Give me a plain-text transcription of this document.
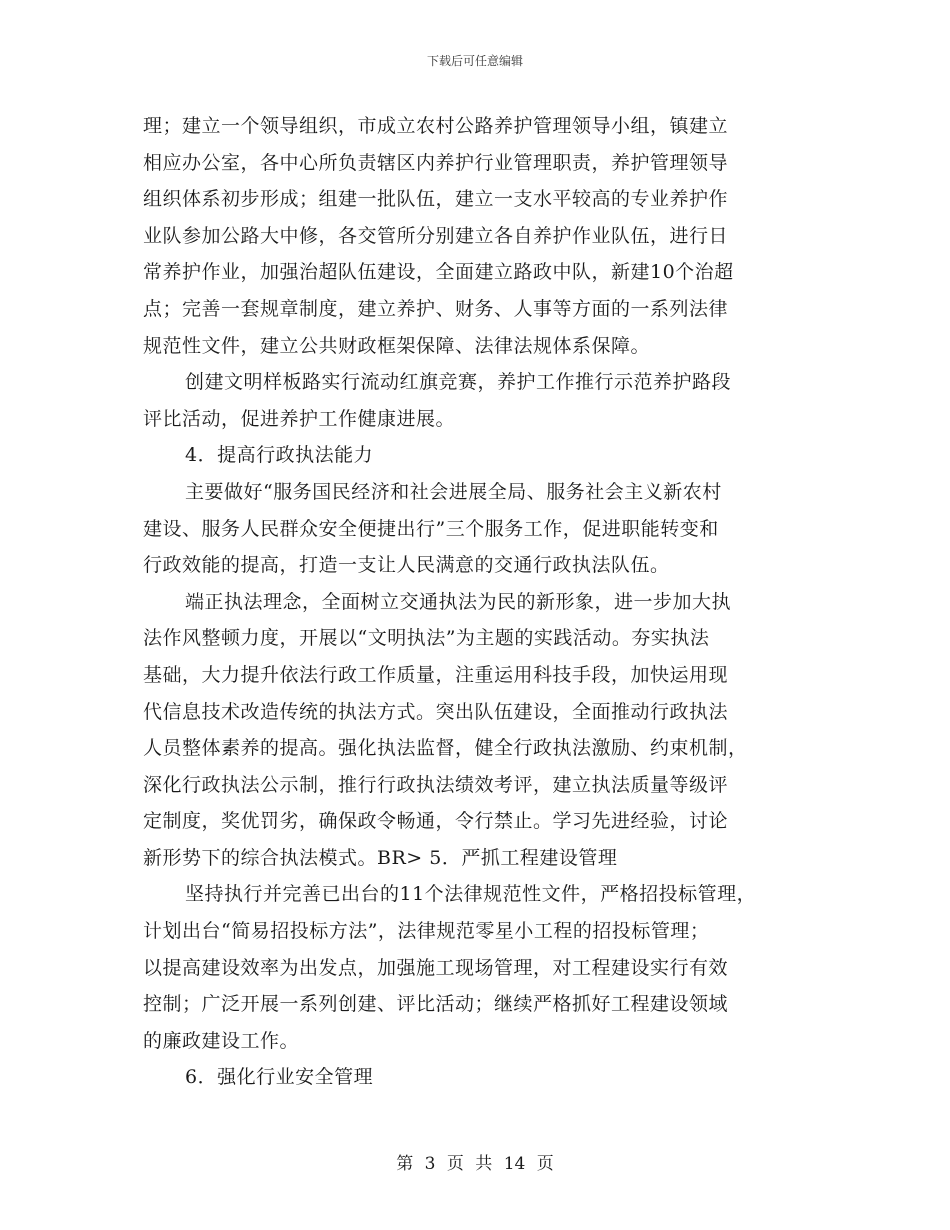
下载后可任意编辑
理；建立一个领导组织，市成立农村公路养护管理领导小组，镇建立
相应办公室，各中心所负责辖区内养护行业管理职责，养护管理领导
组织体系初步形成；组建一批队伍，建立一支水平较高的专业养护作
业队参加公路大中修，各交管所分别建立各自养护作业队伍，进行日
常养护作业，加强治超队伍建设，全面建立路政中队，新建10个治超
点；完善一套规章制度，建立养护、财务、人事等方面的一系列法律
规范性文件，建立公共财政框架保障、法律法规体系保障。
创建文明样板路实行流动红旗竞赛，养护工作推行示范养护路段
评比活动，促进养护工作健康进展。
4．提高行政执法能力
主要做好“服务国民经济和社会进展全局、服务社会主义新农村
建设、服务人民群众安全便捷出行”三个服务工作，促进职能转变和
行政效能的提高，打造一支让人民满意的交通行政执法队伍。
端正执法理念，全面树立交通执法为民的新形象，进一步加大执
法作风整顿力度，开展以“文明执法”为主题的实践活动。夯实执法
基础，大力提升依法行政工作质量，注重运用科技手段，加快运用现
代信息技术改造传统的执法方式。突出队伍建设，全面推动行政执法
人员整体素养的提高。强化执法监督，健全行政执法激励、约束机制，
深化行政执法公示制，推行行政执法绩效考评，建立执法质量等级评
定制度，奖优罚劣，确保政令畅通，令行禁止。学习先进经验，讨论
新形势下的综合执法模式。BR> 5．严抓工程建设管理
坚持执行并完善已出台的11个法律规范性文件，严格招投标管理，
计划出台“简易招投标方法”，法律规范零星小工程的招投标管理；
以提高建设效率为出发点，加强施工现场管理，对工程建设实行有效
控制；广泛开展一系列创建、评比活动；继续严格抓好工程建设领域
的廉政建设工作。
6．强化行业安全管理
第 3 页 共 14 页
